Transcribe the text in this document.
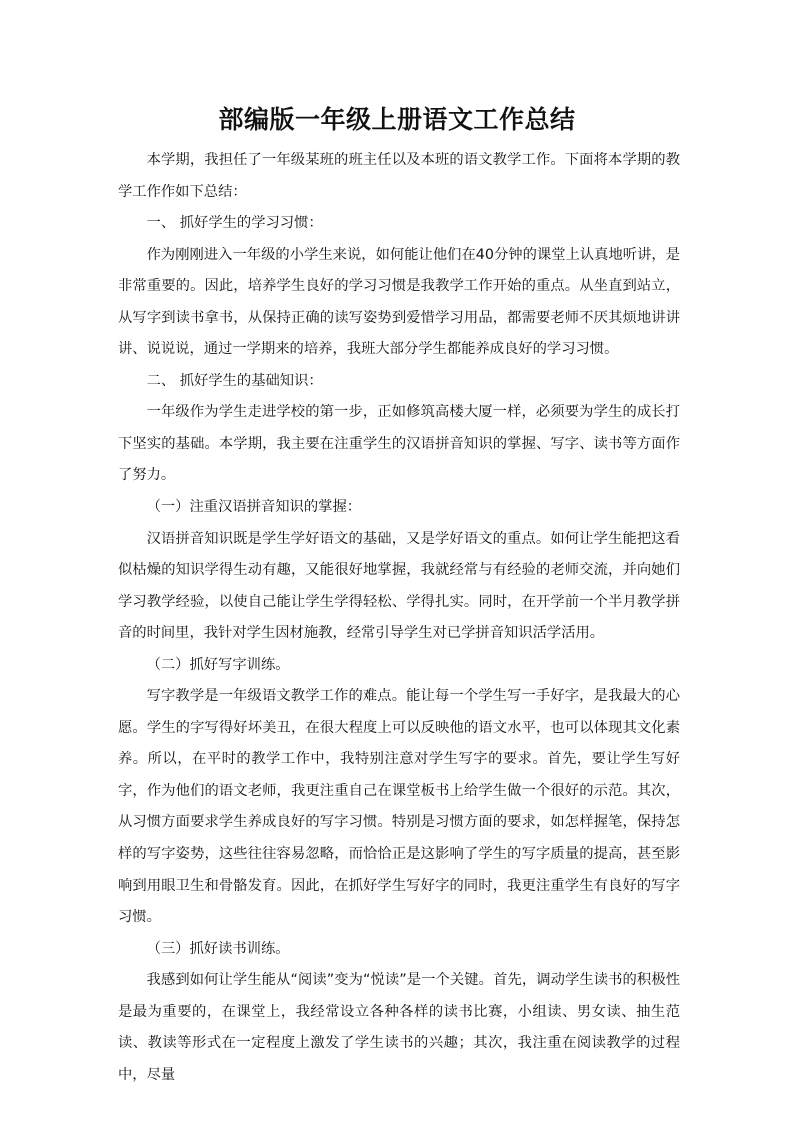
部编版一年级上册语文工作总结

本学期，我担任了一年级某班的班主任以及本班的语文教学工作。下面将本学期的教学工作作如下总结：

一、 抓好学生的学习习惯：

作为刚刚进入一年级的小学生来说，如何能让他们在40分钟的课堂上认真地听讲，是非常重要的。因此，培养学生良好的学习习惯是我教学工作开始的重点。从坐直到站立，从写字到读书拿书，从保持正确的读写姿势到爱惜学习用品，都需要老师不厌其烦地讲讲讲、说说说，通过一学期来的培养，我班大部分学生都能养成良好的学习习惯。

二、 抓好学生的基础知识：

一年级作为学生走进学校的第一步，正如修筑高楼大厦一样，必须要为学生的成长打下坚实的基础。本学期，我主要在注重学生的汉语拼音知识的掌握、写字、读书等方面作了努力。

（一）注重汉语拼音知识的掌握：

汉语拼音知识既是学生学好语文的基础，又是学好语文的重点。如何让学生能把这看似枯燥的知识学得生动有趣，又能很好地掌握，我就经常与有经验的老师交流，并向她们学习教学经验，以使自己能让学生学得轻松、学得扎实。同时，在开学前一个半月教学拼音的时间里，我针对学生因材施教，经常引导学生对已学拼音知识活学活用。

（二）抓好写字训练。

写字教学是一年级语文教学工作的难点。能让每一个学生写一手好字，是我最大的心愿。学生的字写得好坏美丑，在很大程度上可以反映他的语文水平，也可以体现其文化素养。所以，在平时的教学工作中，我特别注意对学生写字的要求。首先，要让学生写好字，作为他们的语文老师，我更注重自己在课堂板书上给学生做一个很好的示范。其次，从习惯方面要求学生养成良好的写字习惯。特别是习惯方面的要求，如怎样握笔，保持怎样的写字姿势，这些往往容易忽略，而恰恰正是这影响了学生的写字质量的提高，甚至影响到用眼卫生和骨骼发育。因此，在抓好学生写好字的同时，我更注重学生有良好的写字习惯。

（三）抓好读书训练。

我感到如何让学生能从“阅读”变为“悦读”是一个关键。首先，调动学生读书的积极性是最为重要的，在课堂上，我经常设立各种各样的读书比赛，小组读、男女读、抽生范读、教读等形式在一定程度上激发了学生读书的兴趣；其次，我注重在阅读教学的过程中，尽量
